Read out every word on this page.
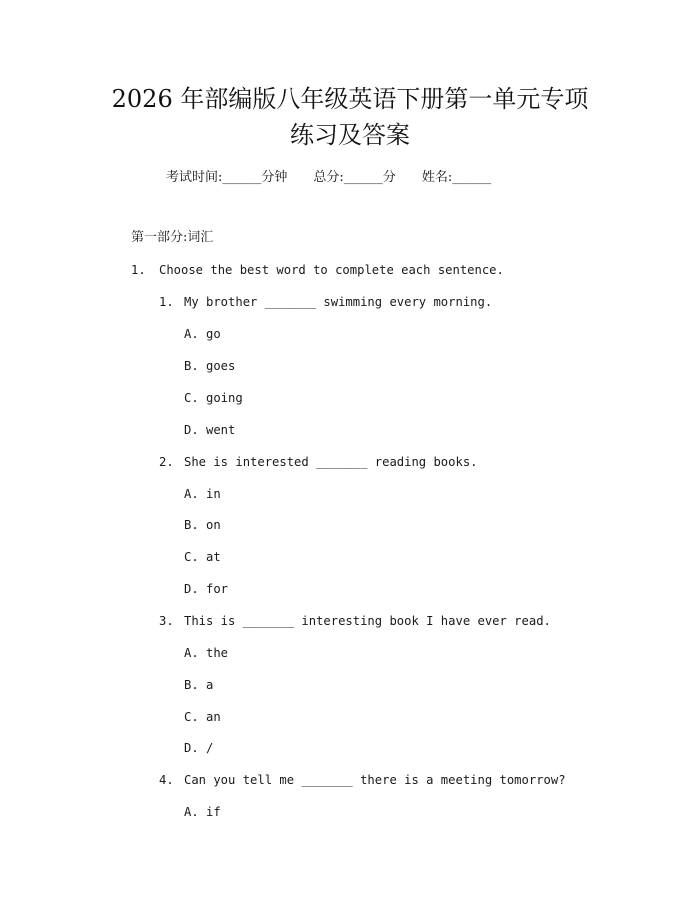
2026 年部编版八年级英语下册第一单元专项
练习及答案
考试时间:______分钟 总分:______分 姓名:______
第一部分:词汇
1. Choose the best word to complete each sentence.
1. My brother _______ swimming every morning.
A. go
B. goes
C. going
D. went
2. She is interested _______ reading books.
A. in
B. on
C. at
D. for
3. This is _______ interesting book I have ever read.
A. the
B. a
C. an
D. /
4. Can you tell me _______ there is a meeting tomorrow?
A. if
